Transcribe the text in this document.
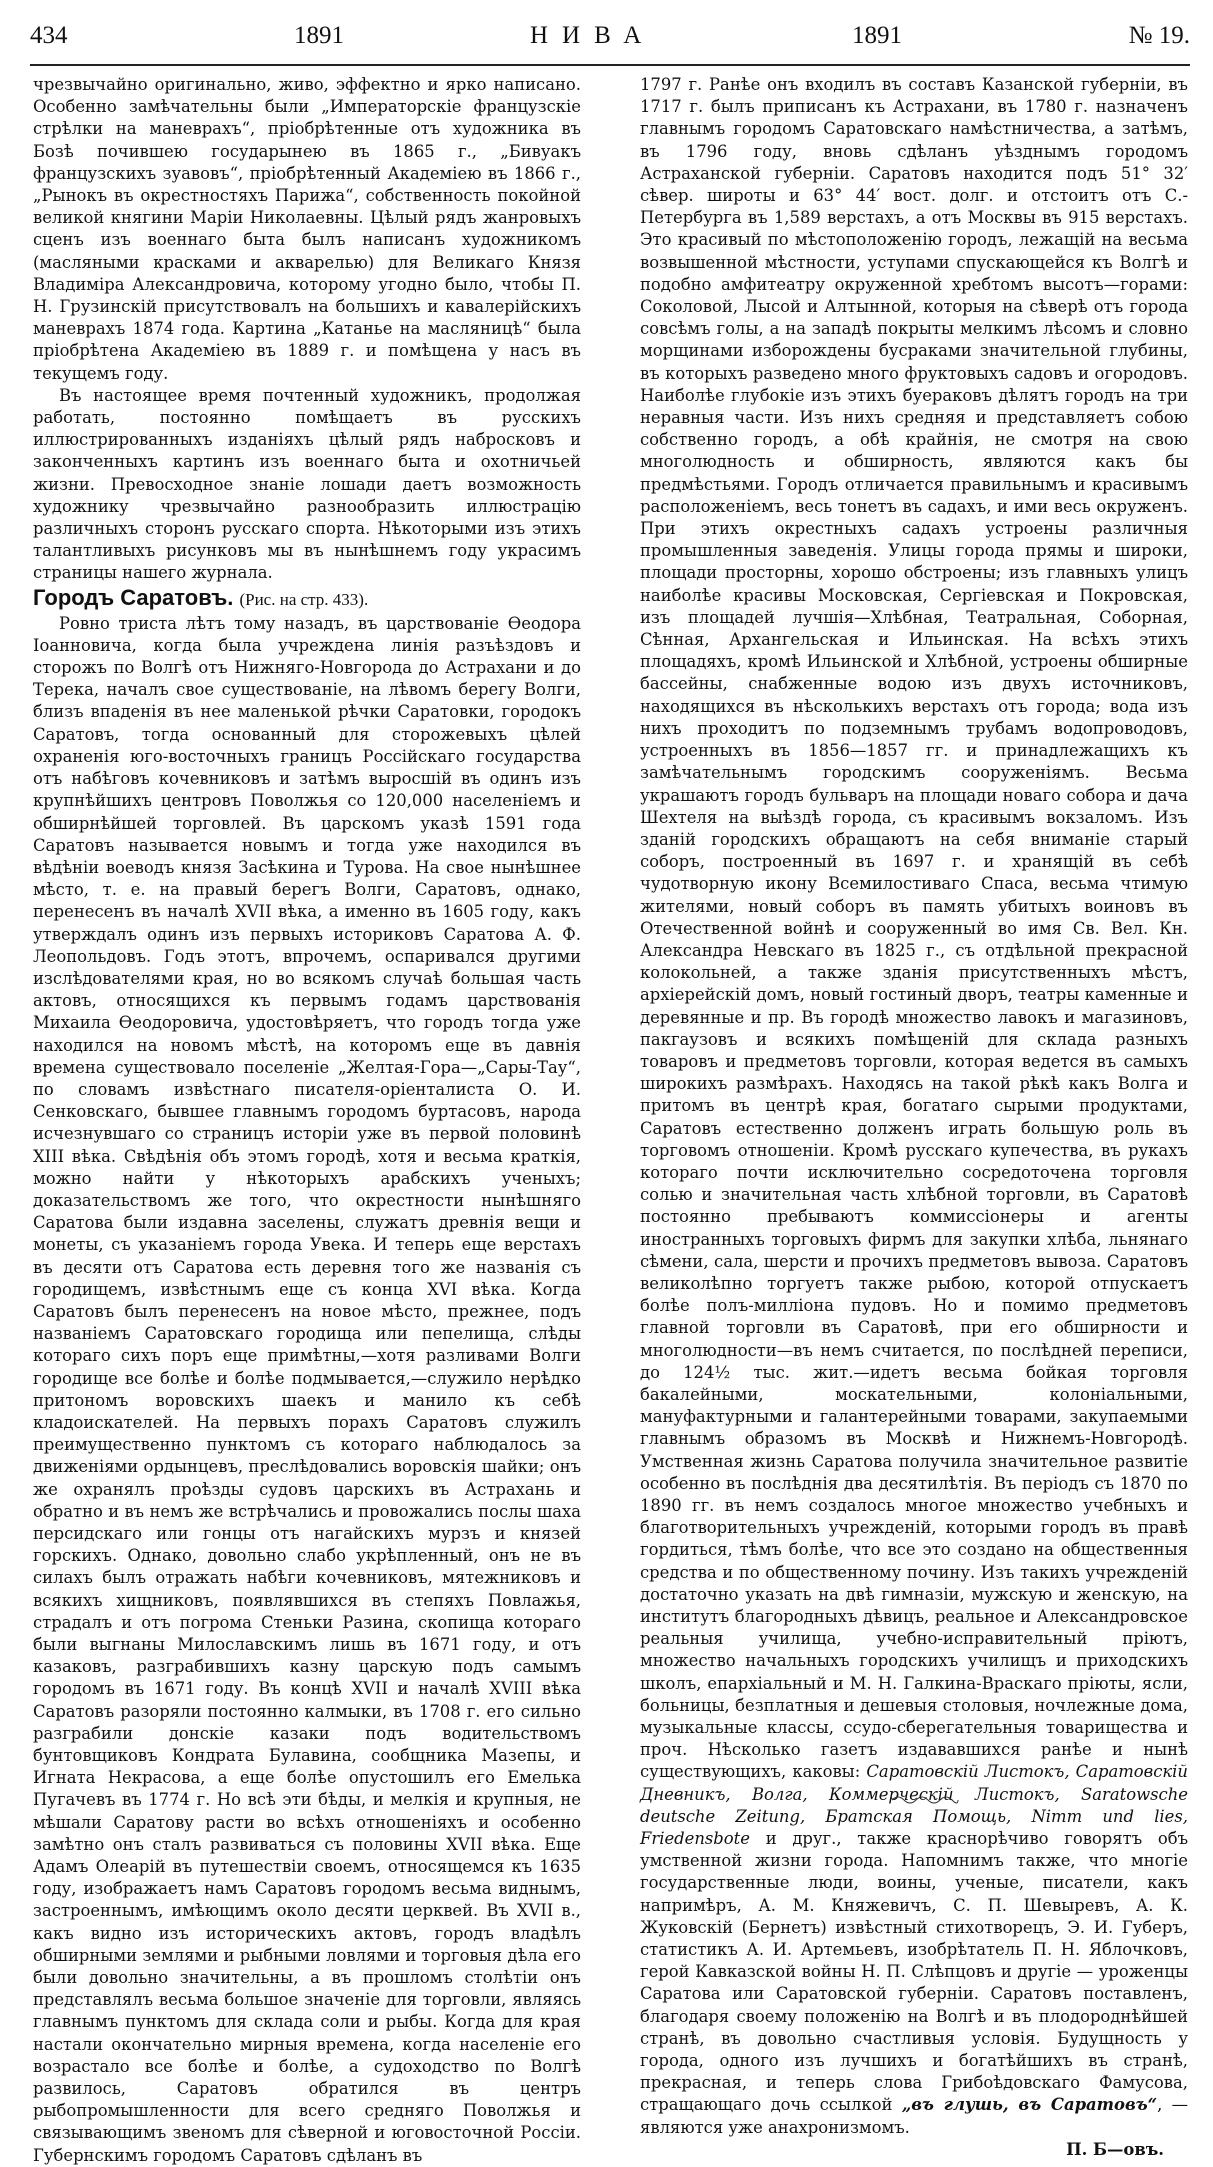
434	1891	НИВА	1891	№ 19.

чрезвычайно оригинально, живо, эффектно и ярко написано. Особенно замѣчательны были „Императорскіе французскіе стрѣлки на маневрахъ“, пріобрѣтенные отъ художника въ Бозѣ почившею государынею въ 1865 г., „Бивуакъ французскихъ зуавовъ“, пріобрѣтенный Академіею въ 1866 г., „Рынокъ въ окрестностяхъ Парижа“, собственность покойной великой княгини Маріи Николаевны. Цѣлый рядъ жанровыхъ сценъ изъ военнаго быта былъ написанъ художникомъ (масляными красками и акварелью) для Великаго Князя Владиміра Александровича, которому угодно было, чтобы П. Н. Грузинскій присутствовалъ на большихъ и кавалерійскихъ маневрахъ 1874 года. Картина „Катанье на масляницѣ“ была пріобрѣтена Академіею въ 1889 г. и помѣщена у насъ въ текущемъ году.

Въ настоящее время почтенный художникъ, продолжая работать, постоянно помѣщаетъ въ русскихъ иллюстрированныхъ изданіяхъ цѣлый рядъ набросковъ и законченныхъ картинъ изъ военнаго быта и охотничьей жизни. Превосходное знаніе лошади даетъ возможность художнику чрезвычайно разнообразить иллюстрацію различныхъ сторонъ русскаго спорта. Нѣкоторыми изъ этихъ талантливыхъ рисунковъ мы въ нынѣшнемъ году украсимъ страницы нашего журнала.

Городъ Саратовъ. (Рис. на стр. 433).

Ровно триста лѣтъ тому назадъ, въ царствованіе Өеодора Іоанновича, когда была учреждена линія разъѣздовъ и сторожъ по Волгѣ отъ Нижняго-Новгорода до Астрахани и до Терека, началъ свое существованіе, на лѣвомъ берегу Волги, близъ впаденія въ нее маленькой рѣчки Саратовки, городокъ Саратовъ, тогда основанный для сторожевыхъ цѣлей охраненія юго-восточныхъ границъ Россійскаго государства отъ набѣговъ кочевниковъ и затѣмъ выросшій въ одинъ изъ крупнѣйшихъ центровъ Поволжья со 120,000 населеніемъ и обширнѣйшей торговлей. Въ царскомъ указѣ 1591 года Саратовъ называется новымъ и тогда уже находился въ вѣдѣніи воеводъ князя Засѣкина и Турова. На свое нынѣшнее мѣсто, т. е. на правый берегъ Волги, Саратовъ, однако, перенесенъ въ началѣ XVII вѣка, а именно въ 1605 году, какъ утверждалъ одинъ изъ первыхъ историковъ Саратова А. Ф. Леопольдовъ. Годъ этотъ, впрочемъ, оспаривался другими изслѣдователями края, но во всякомъ случаѣ большая часть актовъ, относящихся къ первымъ годамъ царствованія Михаила Өеодоровича, удостовѣряетъ, что городъ тогда уже находился на новомъ мѣстѣ, на которомъ еще въ давнія времена существовало поселеніе „Желтая-Гора—„Сары-Тау“, по словамъ извѣстнаго писателя-оріенталиста О. И. Сенковскаго, бывшее главнымъ городомъ буртасовъ, народа исчезнувшаго со страницъ исторіи уже въ первой половинѣ XIII вѣка. Свѣдѣнія объ этомъ городѣ, хотя и весьма краткія, можно найти у нѣкоторыхъ арабскихъ ученыхъ; доказательствомъ же того, что окрестности нынѣшняго Саратова были издавна заселены, служатъ древнія вещи и монеты, съ указаніемъ города Увека. И теперь еще верстахъ въ десяти отъ Саратова есть деревня того же названія съ городищемъ, извѣстнымъ еще съ конца XVI вѣка. Когда Саратовъ былъ перенесенъ на новое мѣсто, прежнее, подъ названіемъ Саратовскаго городища или пепелища, слѣды котораго сихъ поръ еще примѣтны,—хотя разливами Волги городище все болѣе и болѣе подмывается,—служило нерѣдко притономъ воровскихъ шаекъ и манило къ себѣ кладоискателей. На первыхъ порахъ Саратовъ служилъ преимущественно пунктомъ съ котораго наблюдалось за движеніями ордынцевъ, преслѣдовались воровскія шайки; онъ же охранялъ проѣзды судовъ царскихъ въ Астрахань и обратно и въ немъ же встрѣчались и провожались послы шаха персидскаго или гонцы отъ нагайскихъ мурзъ и князей горскихъ. Однако, довольно слабо укрѣпленный, онъ не въ силахъ былъ отражать набѣги кочевниковъ, мятежниковъ и всякихъ хищниковъ, появлявшихся въ степяхъ Повлажья, страдалъ и отъ погрома Стеньки Разина, скопища котораго были выгнаны Милославскимъ лишь въ 1671 году, и отъ казаковъ, разграбившихъ казну царскую подъ самымъ городомъ въ 1671 году. Въ концѣ XVII и началѣ XVIII вѣка Саратовъ разоряли постоянно калмыки, въ 1708 г. его сильно разграбили донскіе казаки подъ водительствомъ бунтовщиковъ Кондрата Булавина, сообщника Мазепы, и Игната Некрасова, а еще болѣе опустошилъ его Емелька Пугачевъ въ 1774 г. Но всѣ эти бѣды, и мелкія и крупныя, не мѣшали Саратову расти во всѣхъ отношеніяхъ и особенно замѣтно онъ сталъ развиваться съ половины XVII вѣка. Еще Адамъ Олеарій въ путешествіи своемъ, относящемся къ 1635 году, изображаетъ намъ Саратовъ городомъ весьма виднымъ, застроеннымъ, имѣющимъ около десяти церквей. Въ XVII в., какъ видно изъ историческихъ актовъ, городъ владѣлъ обширными землями и рыбными ловлями и торговыя дѣла его были довольно значительны, а въ прошломъ столѣтіи онъ представлялъ весьма большое значеніе для торговли, являясь главнымъ пунктомъ для склада соли и рыбы. Когда для края настали окончательно мирныя времена, когда населеніе его возрастало все болѣе и болѣе, а судоходство по Волгѣ развилось, Саратовъ обратился въ центръ рыбопромышленности для всего средняго Поволжья и связывающимъ звеномъ для сѣверной и юговосточной Россіи. Губернскимъ городомъ Саратовъ сдѣланъ въ

1797 г. Ранѣе онъ входилъ въ составъ Казанской губерніи, въ 1717 г. былъ приписанъ къ Астрахани, въ 1780 г. назначенъ главнымъ городомъ Саратовскаго намѣстничества, а затѣмъ, въ 1796 году, вновь сдѣланъ уѣзднымъ городомъ Астраханской губерніи. Саратовъ находится подъ 51° 32′ сѣвер. широты и 63° 44′ вост. долг. и отстоитъ отъ С.-Петербурга въ 1,589 верстахъ, а отъ Москвы въ 915 верстахъ. Это красивый по мѣстоположенію городъ, лежащій на весьма возвышенной мѣстности, уступами спускающейся къ Волгѣ и подобно амфитеатру окруженной хребтомъ высотъ—горами: Соколовой, Лысой и Алтынной, которыя на сѣверѣ отъ города совсѣмъ голы, а на западѣ покрыты мелкимъ лѣсомъ и словно морщинами изборождены бусраками значительной глубины, въ которыхъ разведено много фруктовыхъ садовъ и огородовъ. Наиболѣе глубокіе изъ этихъ буераковъ дѣлятъ городъ на три неравныя части. Изъ нихъ средняя и представляетъ собою собственно городъ, а обѣ крайнія, не смотря на свою многолюдность и обширность, являются какъ бы предмѣстьями. Городъ отличается правильнымъ и красивымъ расположеніемъ, весь тонетъ въ садахъ, и ими весь окруженъ. При этихъ окрестныхъ садахъ устроены различныя промышленныя заведенія. Улицы города прямы и широки, площади просторны, хорошо обстроены; изъ главныхъ улицъ наиболѣе красивы Московская, Сергіевская и Покровская, изъ площадей лучшія—Хлѣбная, Театральная, Соборная, Сѣнная, Архангельская и Ильинская. На всѣхъ этихъ площадяхъ, кромѣ Ильинской и Хлѣбной, устроены обширные бассейны, снабженные водою изъ двухъ источниковъ, находящихся въ нѣсколькихъ верстахъ отъ города; вода изъ нихъ проходитъ по подземнымъ трубамъ водопроводовъ, устроенныхъ въ 1856—1857 гг. и принадлежащихъ къ замѣчательнымъ городскимъ сооруженіямъ. Весьма украшаютъ городъ бульваръ на площади новаго собора и дача Шехтеля на выѣздѣ города, съ красивымъ вокзаломъ. Изъ зданій городскихъ обращаютъ на себя вниманіе старый соборъ, построенный въ 1697 г. и хранящій въ себѣ чудотворную икону Всемилостиваго Спаса, весьма чтимую жителями, новый соборъ въ память убитыхъ воиновъ въ Отечественной войнѣ и сооруженный во имя Св. Вел. Кн. Александра Невскаго въ 1825 г., съ отдѣльной прекрасной колокольней, а также зданія присутственныхъ мѣстъ, архіерейскій домъ, новый гостиный дворъ, театры каменные и деревянные и пр. Въ городѣ множество лавокъ и магазиновъ, пакгаузовъ и всякихъ помѣщеній для склада разныхъ товаровъ и предметовъ торговли, которая ведется въ самыхъ широкихъ размѣрахъ. Находясь на такой рѣкѣ какъ Волга и притомъ въ центрѣ края, богатаго сырыми продуктами, Саратовъ естественно долженъ играть большую роль въ торговомъ отношеніи. Кромѣ русскаго купечества, въ рукахъ котораго почти исключительно сосредоточена торговля солью и значительная часть хлѣбной торговли, въ Саратовѣ постоянно пребываютъ коммиссіонеры и агенты иностранныхъ торговыхъ фирмъ для закупки хлѣба, льнянаго сѣмени, сала, шерсти и прочихъ предметовъ вывоза. Саратовъ великолѣпно торгуетъ также рыбою, которой отпускаетъ болѣе полъ-милліона пудовъ. Но и помимо предметовъ главной торговли въ Саратовѣ, при его обширности и многолюдности—въ немъ считается, по послѣдней переписи, до 124½ тыс. жит.—идетъ весьма бойкая торговля бакалейными, москательными, колоніальными, мануфактурными и галантерейными товарами, закупаемыми главнымъ образомъ въ Москвѣ и Нижнемъ-Новгородѣ. Умственная жизнь Саратова получила значительное развитіе особенно въ послѣднія два десятилѣтія. Въ періодъ съ 1870 по 1890 гг. въ немъ создалось многое множество учебныхъ и благотворительныхъ учрежденій, которыми городъ въ правѣ гордиться, тѣмъ болѣе, что все это создано на общественныя средства и по общественному почину. Изъ такихъ учрежденій достаточно указать на двѣ гимназіи, мужскую и женскую, на институтъ благородныхъ дѣвицъ, реальное и Александровское реальныя училища, учебно-исправительный пріютъ, множество начальныхъ городскихъ училищъ и приходскихъ школъ, епархіальный и М. Н. Галкина-Враскаго пріюты, ясли, больницы, безплатныя и дешевыя столовыя, ночлежные дома, музыкальные классы, ссудо-сберегательныя товарищества и проч. Нѣсколько газетъ издававшихся ранѣе и нынѣ существующихъ, каковы: Саратовскій Листокъ, Саратовскій Дневникъ, Волга, Коммерческій Листокъ, Saratowsche deutsche Zeitung, Братская Помощь, Nimm und lies, Friedensbote и друг., также краснорѣчиво говорятъ объ умственной жизни города. Напомнимъ также, что многіе государственные люди, воины, ученые, писатели, какъ напримѣръ, А. М. Княжевичъ, С. П. Шевыревъ, А. К. Жуковскій (Бернетъ) извѣстный стихотворецъ, Э. И. Губеръ, статистикъ А. И. Артемьевъ, изобрѣтатель П. Н. Яблочковъ, герой Кавказской войны Н. П. Слѣпцовъ и другіе — уроженцы Саратова или Саратовской губерніи. Саратовъ поставленъ, благодаря своему положенію на Волгѣ и въ плодороднѣйшей странѣ, въ довольно счастливыя условія. Будущность у города, одного изъ лучшихъ и богатѣйшихъ въ странѣ, прекрасная, и теперь слова Грибоѣдовскаго Фамусова, стращающаго дочь ссылкой „въ глушь, въ Саратовъ“, — являются уже анахронизмомъ.

П. Б—овъ.
